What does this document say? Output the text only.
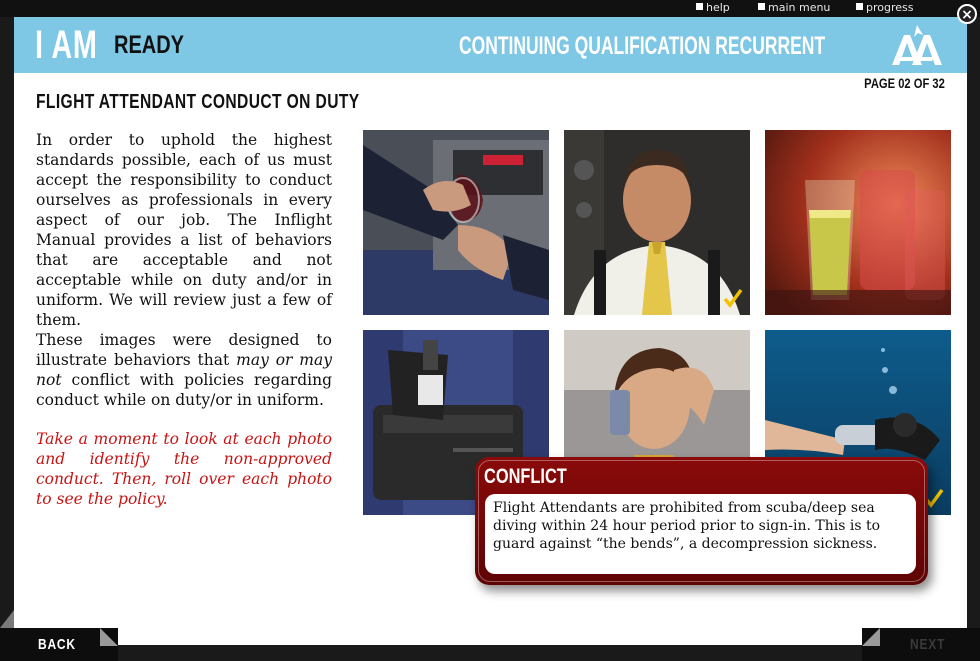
help	main menu	progress	×
I AM READY	CONTINUING QUALIFICATION RECURRENT
PAGE 02 OF 32
FLIGHT ATTENDANT CONDUCT ON DUTY

In order to uphold the highest standards possible, each of us must accept the responsibility to conduct ourselves as professionals in every aspect of our job. The Inflight Manual provides a list of behaviors that are acceptable and not acceptable while on duty and/or in uniform. We will review just a few of them.

These images were designed to illustrate behaviors that may or may not conflict with policies regarding conduct while on duty/or in uniform.

Take a moment to look at each photo and identify the non-approved conduct. Then, roll over each photo to see the policy.

CONFLICT

Flight Attendants are prohibited from scuba/deep sea diving within 24 hour period prior to sign-in. This is to guard against “the bends”, a decompression sickness.

BACK	NEXT
